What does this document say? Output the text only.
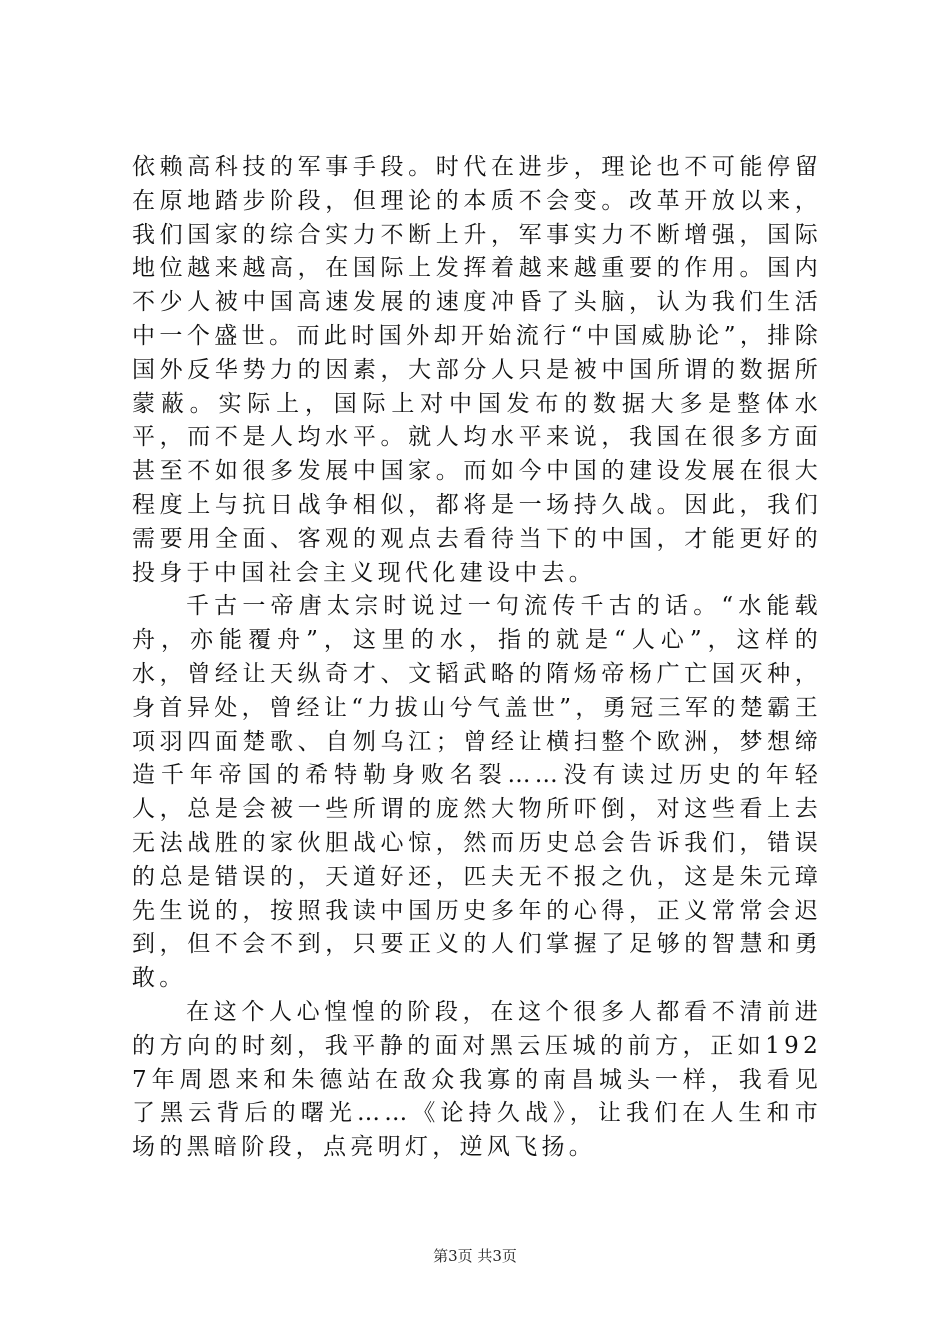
依赖高科技的军事手段。时代在进步，理论也不可能停留在原地踏步阶段，但理论的本质不会变。改革开放以来，我们国家的综合实力不断上升，军事实力不断增强，国际地位越来越高，在国际上发挥着越来越重要的作用。国内不少人被中国高速发展的速度冲昏了头脑，认为我们生活中一个盛世。而此时国外却开始流行“中国威胁论”，排除国外反华势力的因素，大部分人只是被中国所谓的数据所蒙蔽。实际上，国际上对中国发布的数据大多是整体水平，而不是人均水平。就人均水平来说，我国在很多方面甚至不如很多发展中国家。而如今中国的建设发展在很大程度上与抗日战争相似，都将是一场持久战。因此，我们需要用全面、客观的观点去看待当下的中国，才能更好的投身于中国社会主义现代化建设中去。

千古一帝唐太宗时说过一句流传千古的话。“水能载舟，亦能覆舟”，这里的水，指的就是“人心”，这样的水，曾经让天纵奇才、文韬武略的隋炀帝杨广亡国灭种，身首异处，曾经让“力拔山兮气盖世”，勇冠三军的楚霸王项羽四面楚歌、自刎乌江；曾经让横扫整个欧洲，梦想缔造千年帝国的希特勒身败名裂……没有读过历史的年轻人，总是会被一些所谓的庞然大物所吓倒，对这些看上去无法战胜的家伙胆战心惊，然而历史总会告诉我们，错误的总是错误的，天道好还，匹夫无不报之仇，这是朱元璋先生说的，按照我读中国历史多年的心得，正义常常会迟到，但不会不到，只要正义的人们掌握了足够的智慧和勇敢。

在这个人心惶惶的阶段，在这个很多人都看不清前进的方向的时刻，我平静的面对黑云压城的前方，正如1927年周恩来和朱德站在敌众我寡的南昌城头一样，我看见了黑云背后的曙光……《论持久战》，让我们在人生和市场的黑暗阶段，点亮明灯，逆风飞扬。

第3页 共3页
